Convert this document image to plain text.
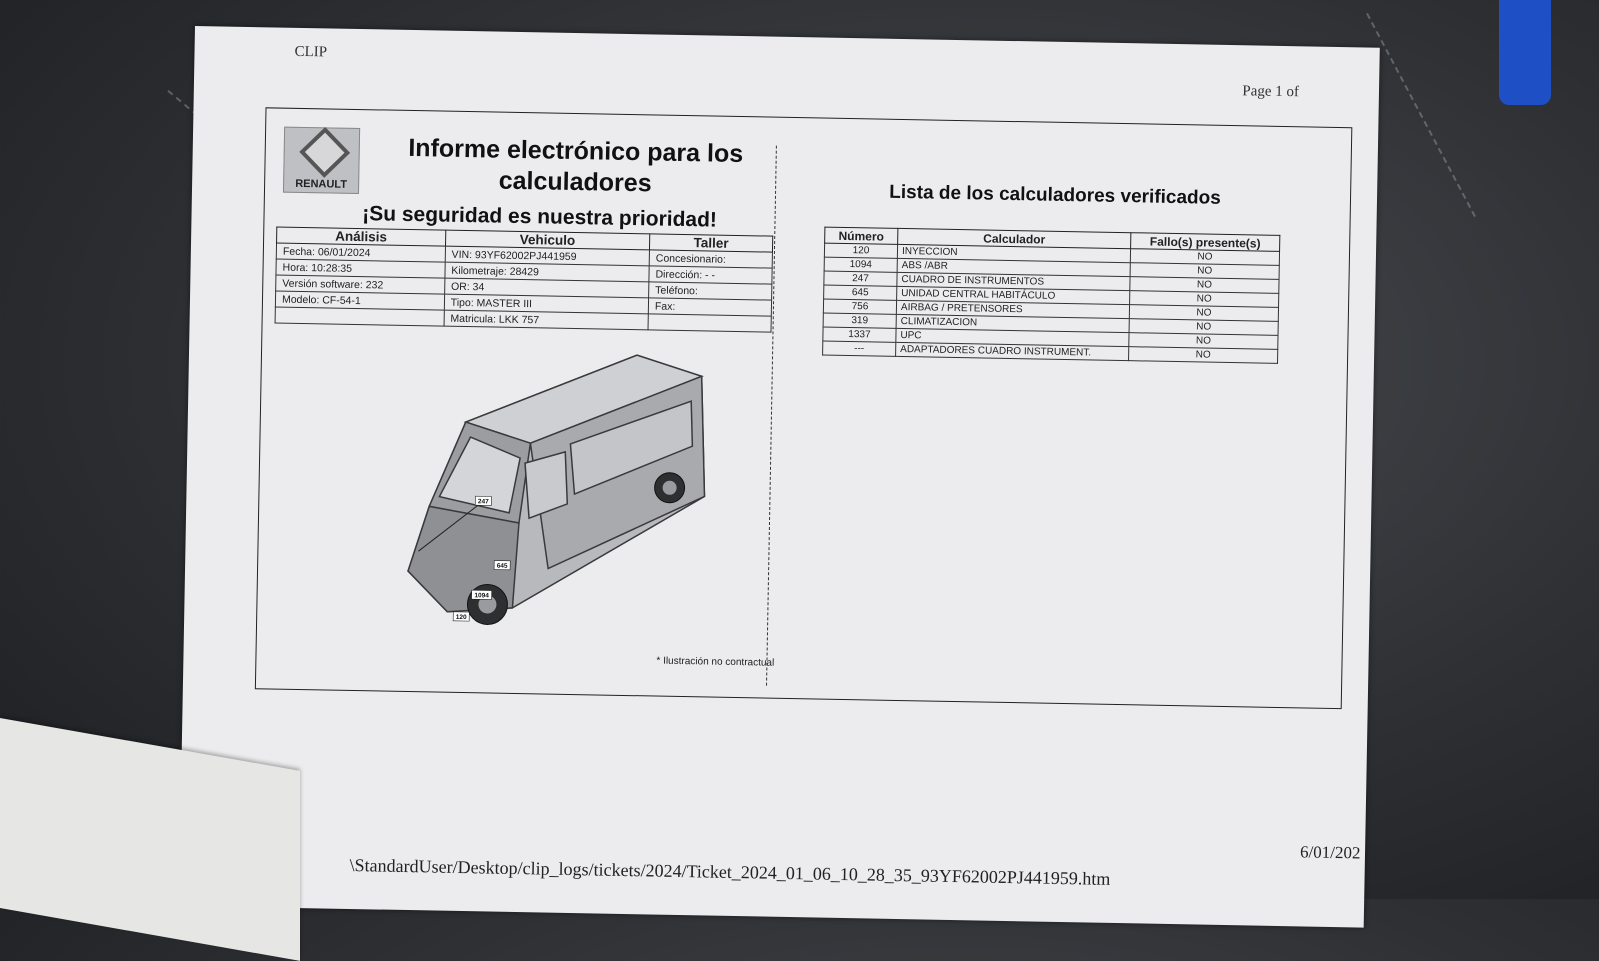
CLIP
Page 1 of
RENAULT
Informe electrónico para los calculadores
¡Su seguridad es nuestra prioridad!
Análisis	Vehiculo	Taller
Fecha: 06/01/2024	VIN: 93YF62002PJ441959	Concesionario:
Hora: 10:28:35	Kilometraje: 28429	Dirección: - -
Versión software: 232	OR: 34	Teléfono:
Modelo: CF-54-1	Tipo: MASTER III	Fax:
	Matricula: LKK 757	
247
645
1094
120
* Ilustración no contractual
Lista de los calculadores verificados
Número	Calculador	Fallo(s) presente(s)
120	INYECCION	NO
1094	ABS /ABR	NO
247	CUADRO DE INSTRUMENTOS	NO
645	UNIDAD CENTRAL HABITÁCULO	NO
756	AIRBAG / PRETENSORES	NO
319	CLIMATIZACION	NO
1337	UPC	NO
---	ADAPTADORES CUADRO INSTRUMENT.	NO
6/01/202
\StandardUser/Desktop/clip_logs/tickets/2024/Ticket_2024_01_06_10_28_35_93YF62002PJ441959.htm
